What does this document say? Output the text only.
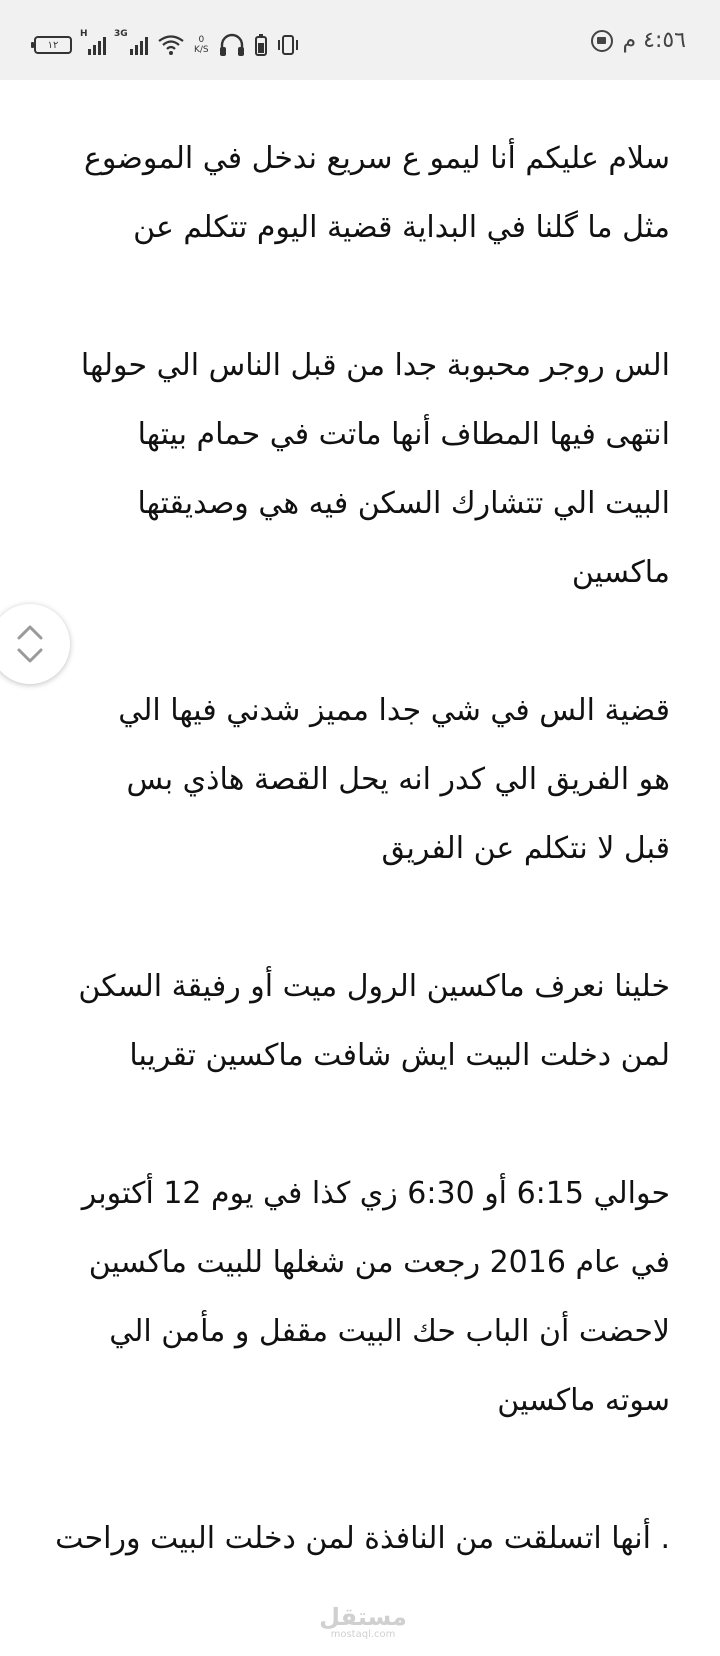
١٢
H	3G
0
K/S	٤:٥٦ م
سلام عليكم أنا ليمو ع سريع ندخل في الموضوع
مثل ما گلنا في البداية قضية اليوم تتكلم عن
الس روجر محبوبة جدا من قبل الناس الي حولها
انتهى فيها المطاف أنها ماتت في حمام بيتها
البيت الي تتشارك السكن فيه هي وصديقتها
ماكسين
قضية الس في شي جدا مميز شدني فيها الي
هو الفريق الي كدر انه يحل القصة هاذي بس
قبل لا نتكلم عن الفريق
خلينا نعرف ماكسين الرول ميت أو رفيقة السكن
لمن دخلت البيت ايش شافت ماكسين تقريبا
حوالي 6:15 أو 6:30 زي كذا في يوم 12 أكتوبر
في عام 2016 رجعت من شغلها للبيت ماكسين
لاحضت أن الباب حك البيت مقفل و مأمن الي
سوته ماكسين
. أنها اتسلقت من النافذة لمن دخلت البيت وراحت
مستقل
mostaql.com
